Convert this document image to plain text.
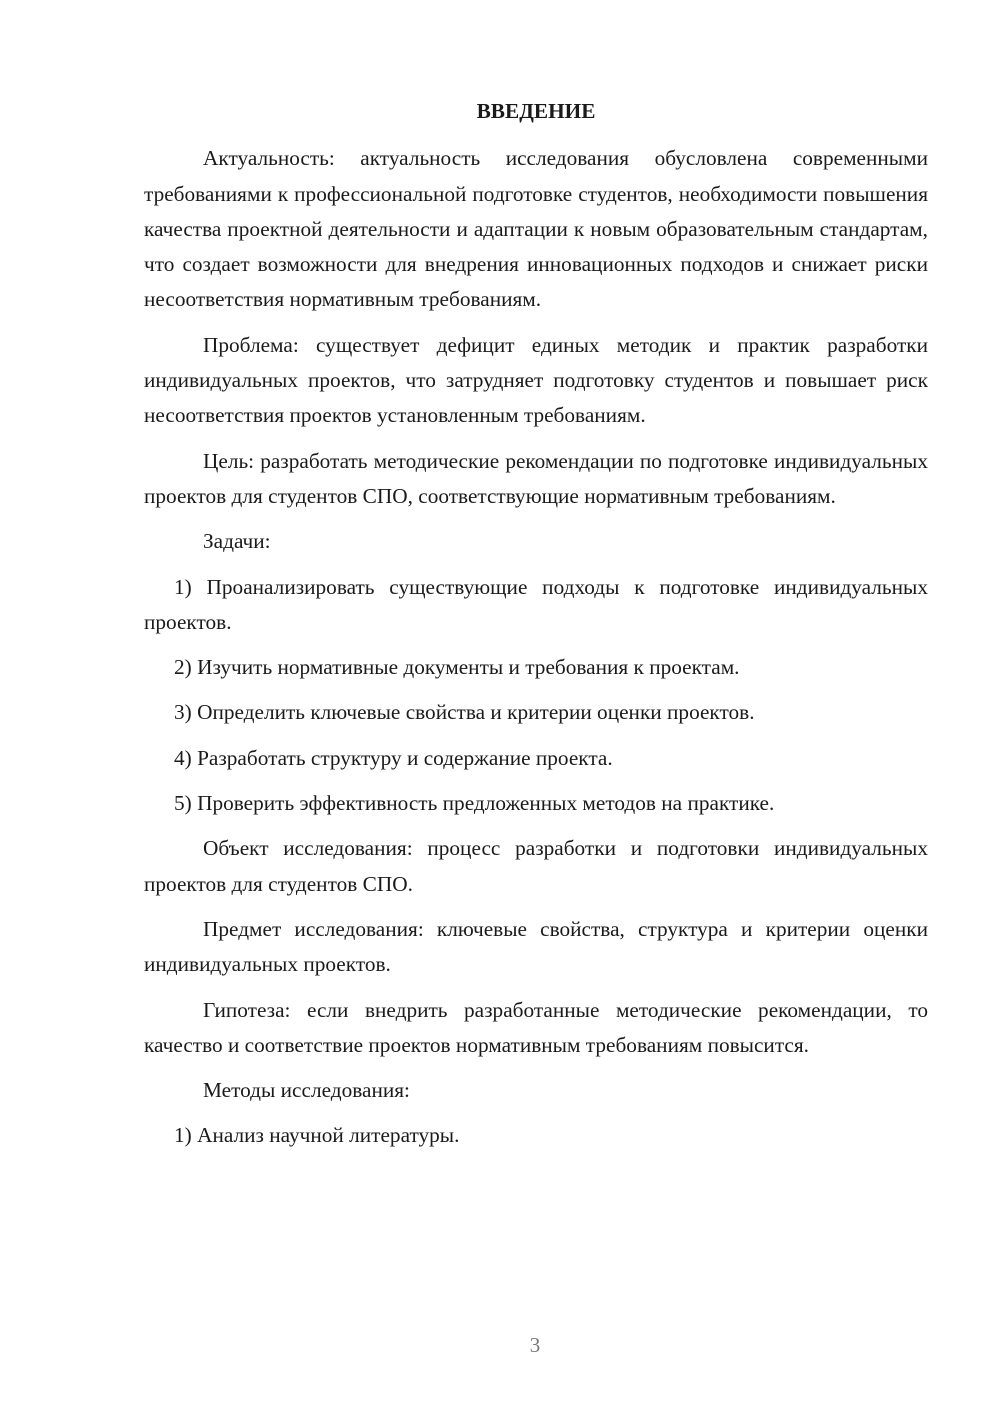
ВВЕДЕНИЕ
Актуальность: актуальность исследования обусловлена современными требованиями к профессиональной подготовке студентов, необходимости повышения качества проектной деятельности и адаптации к новым образовательным стандартам, что создает возможности для внедрения инновационных подходов и снижает риски несоответствия нормативным требованиям.
Проблема: существует дефицит единых методик и практик разработки индивидуальных проектов, что затрудняет подготовку студентов и повышает риск несоответствия проектов установленным требованиям.
Цель: разработать методические рекомендации по подготовке индивидуальных проектов для студентов СПО, соответствующие нормативным требованиям.
Задачи:
1) Проанализировать существующие подходы к подготовке индивидуальных проектов.
2) Изучить нормативные документы и требования к проектам.
3) Определить ключевые свойства и критерии оценки проектов.
4) Разработать структуру и содержание проекта.
5) Проверить эффективность предложенных методов на практике.
Объект исследования: процесс разработки и подготовки индивидуальных проектов для студентов СПО.
Предмет исследования: ключевые свойства, структура и критерии оценки индивидуальных проектов.
Гипотеза: если внедрить разработанные методические рекомендации, то качество и соответствие проектов нормативным требованиям повысится.
Методы исследования:
1) Анализ научной литературы.
3
